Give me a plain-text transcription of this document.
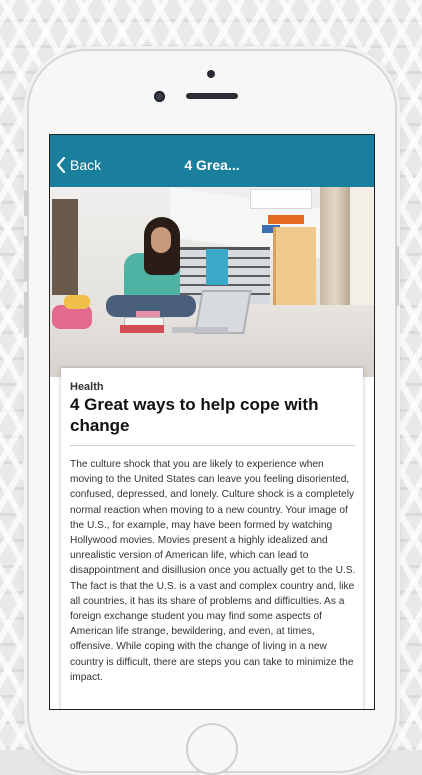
Back	4 Grea...
Health
4 Great ways to help cope with change
The culture shock that you are likely to experience when moving to the United States can leave you feeling disoriented, confused, depressed, and lonely. Culture shock is a completely normal reaction when moving to a new country. Your image of the U.S., for example, may have been formed by watching Hollywood movies. Movies present a highly idealized and unrealistic version of American life, which can lead to disappointment and disillusion once you actually get to the U.S. The fact is that the U.S. is a vast and complex country and, like all countries, it has its share of problems and difficulties. As a foreign exchange student you may find some aspects of American life strange, bewildering, and even, at times, offensive. While coping with the change of living in a new country is difficult, there are steps you can take to minimize the impact.
